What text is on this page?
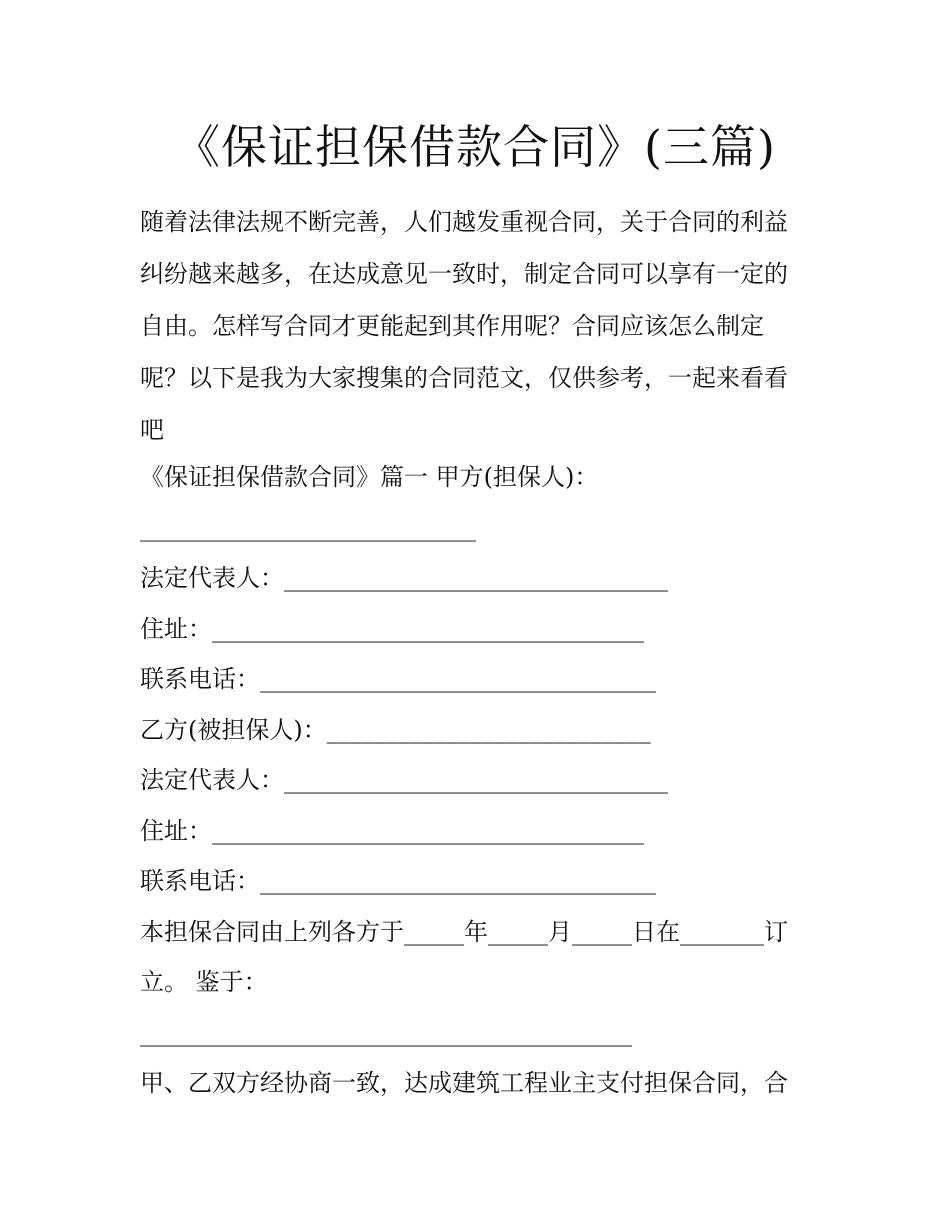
《保证担保借款合同》(三篇)

随着法律法规不断完善，人们越发重视合同，关于合同的利益

纠纷越来越多，在达成意见一致时，制定合同可以享有一定的

自由。怎样写合同才更能起到其作用呢？合同应该怎么制定

呢？以下是我为大家搜集的合同范文，仅供参考，一起来看看

吧

《保证担保借款合同》篇一 甲方(担保人)：

____________________________

法定代表人：________________________________

住址：____________________________________

联系电话：_________________________________

乙方(被担保人)：___________________________

法定代表人：________________________________

住址：____________________________________

联系电话：_________________________________

本担保合同由上列各方于_____年_____月_____日在_______订

立。 鉴于：

_________________________________________

甲、乙双方经协商一致，达成建筑工程业主支付担保合同，合
